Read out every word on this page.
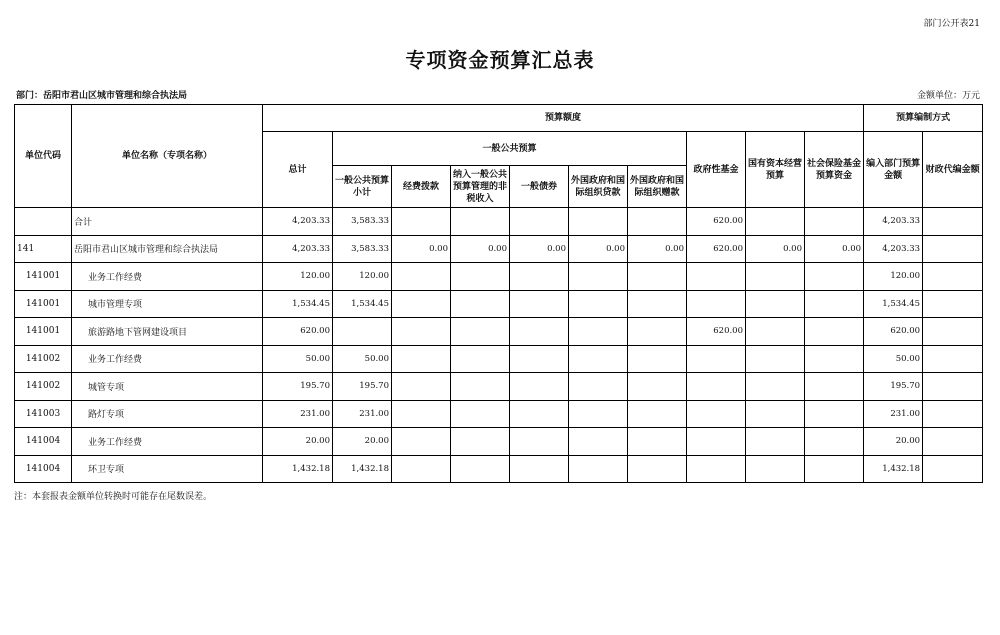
部门公开表21
专项资金预算汇总表
部门：岳阳市君山区城市管理和综合执法局	金额单位：万元
单位代码	单位名称（专项名称）	预算额度										预算编制方式	
		总计	一般公共预算						政府性基金	国有资本经营预算	社会保险基金预算资金	编入部门预算金额	财政代编金额
			一般公共预算小计	经费拨款	纳入一般公共预算管理的非税收入	一般债券	外国政府和国际组织贷款	外国政府和国际组织赠款					
	合计	4,203.33	3,583.33						620.00			4,203.33	
141	岳阳市君山区城市管理和综合执法局	4,203.33	3,583.33	0.00	0.00	0.00	0.00	0.00	620.00	0.00	0.00	4,203.33	
141001	业务工作经费	120.00	120.00									120.00	
141001	城市管理专项	1,534.45	1,534.45									1,534.45	
141001	旅游路地下管网建设项目	620.00							620.00			620.00	
141002	业务工作经费	50.00	50.00									50.00	
141002	城管专项	195.70	195.70									195.70	
141003	路灯专项	231.00	231.00									231.00	
141004	业务工作经费	20.00	20.00									20.00	
141004	环卫专项	1,432.18	1,432.18									1,432.18	
注：本套报表金额单位转换时可能存在尾数误差。
